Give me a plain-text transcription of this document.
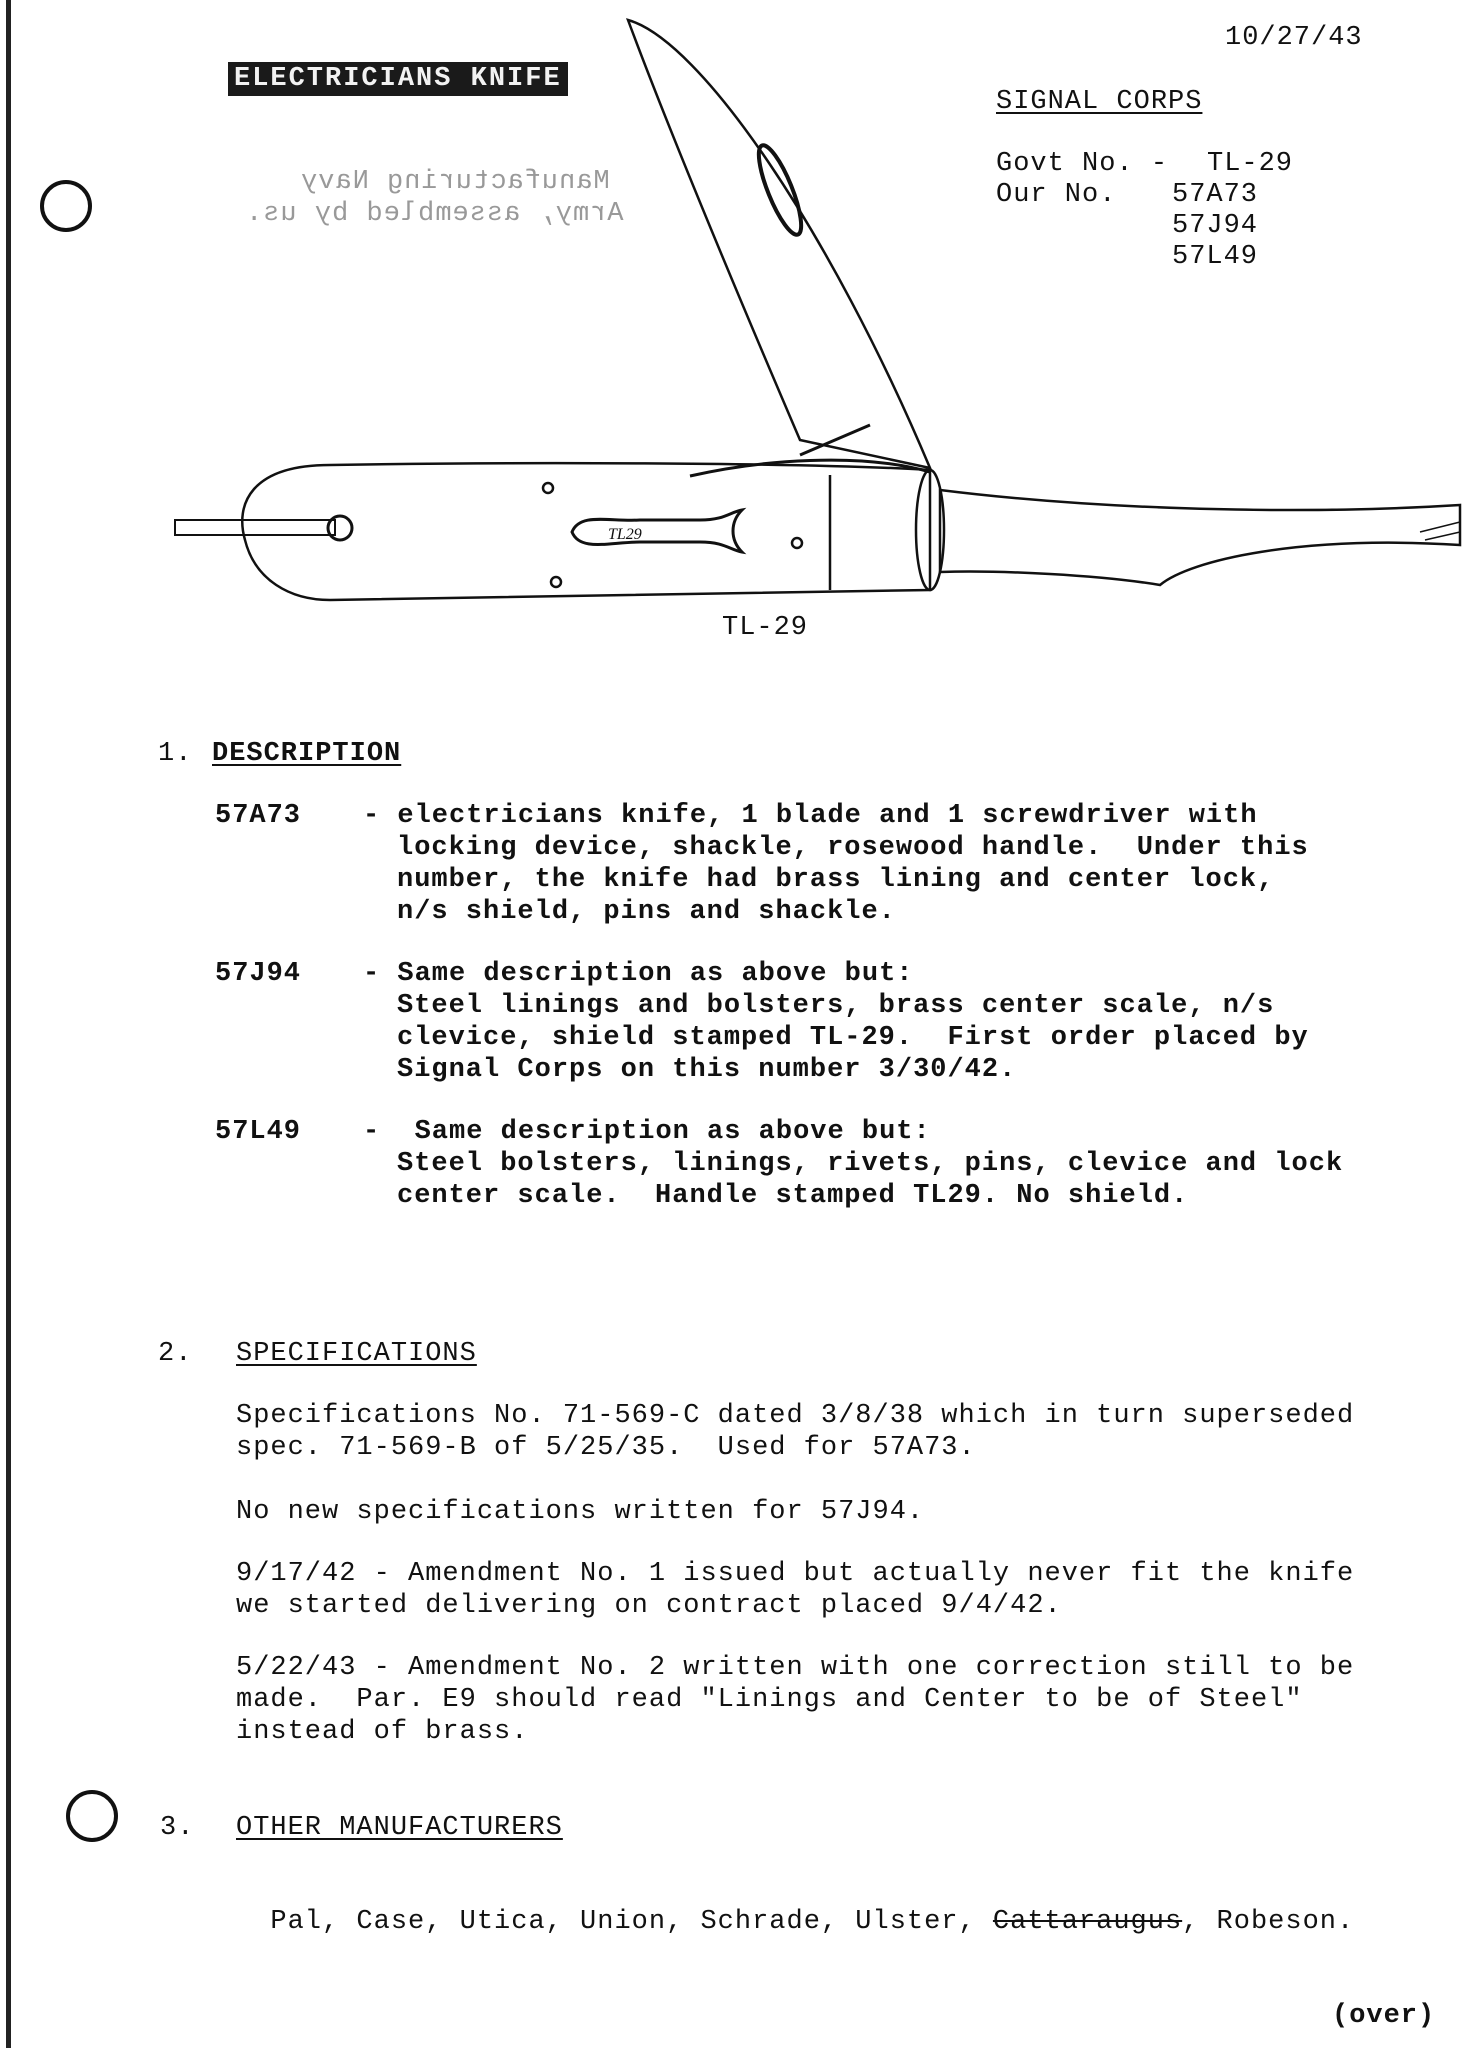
ELECTRICIANS KNIFE
Manufacturing Navy
Army, assembled by us.
10/27/43
SIGNAL CORPS
Govt No. - TL-29
Our No. 57A73
57J94
57L49
TL29
TL-29
1. DESCRIPTION
57A73 - electricians knife, 1 blade and 1 screwdriver with
locking device, shackle, rosewood handle.  Under this
number, the knife had brass lining and center lock,
n/s shield, pins and shackle.
57J94 - Same description as above but:
Steel linings and bolsters, brass center scale, n/s
clevice, shield stamped TL-29.  First order placed by
Signal Corps on this number 3/30/42.
57L49 -  Same description as above but:
Steel bolsters, linings, rivets, pins, clevice and lock
center scale.  Handle stamped TL29. No shield.
2. SPECIFICATIONS
Specifications No. 71-569-C dated 3/8/38 which in turn superseded
spec. 71-569-B of 5/25/35.  Used for 57A73.
No new specifications written for 57J94.
9/17/42 - Amendment No. 1 issued but actually never fit the knife
we started delivering on contract placed 9/4/42.
5/22/43 - Amendment No. 2 written with one correction still to be
made.  Par. E9 should read "Linings and Center to be of Steel"
instead of brass.
3. OTHER MANUFACTURERS

Pal, Case, Utica, Union, Schrade, Ulster, Cattaraugus, Robeson.

(over)
